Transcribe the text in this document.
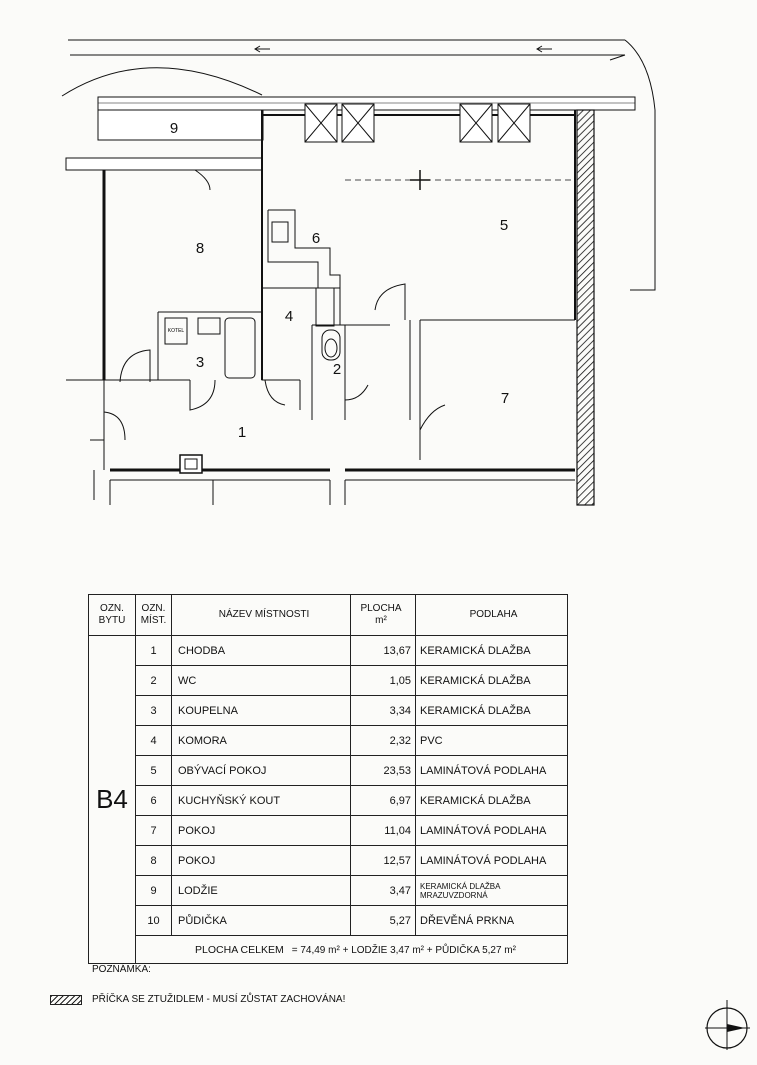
9
8
6
5
4
3	2
7
1
KOTEL
OZN.
BYTU	OZN.
MÍST.	NÁZEV MÍSTNOSTI	PLOCHA
m²	PODLAHA
B4	1	CHODBA	13,67	KERAMICKÁ DLAŽBA
	2	WC	1,05	KERAMICKÁ DLAŽBA
	3	KOUPELNA	3,34	KERAMICKÁ DLAŽBA
	4	KOMORA	2,32	PVC
	5	OBÝVACÍ POKOJ	23,53	LAMINÁTOVÁ PODLAHA
	6	KUCHYŇSKÝ KOUT	6,97	KERAMICKÁ DLAŽBA
	7	POKOJ	11,04	LAMINÁTOVÁ PODLAHA
	8	POKOJ	12,57	LAMINÁTOVÁ PODLAHA
	9	LODŽIE	3,47	KERAMICKÁ DLAŽBA
MRAZUVZDORNÁ
	10	PŮDIČKA	5,27	DŘEVĚNÁ PRKNA
	PLOCHA CELKEM = 74,49 m² + LODŽIE 3,47 m² + PŮDIČKA 5,27 m²			
POZNÁMKA:
PŘÍČKA SE ZTUŽIDLEM - MUSÍ ZŮSTAT ZACHOVÁNA!
